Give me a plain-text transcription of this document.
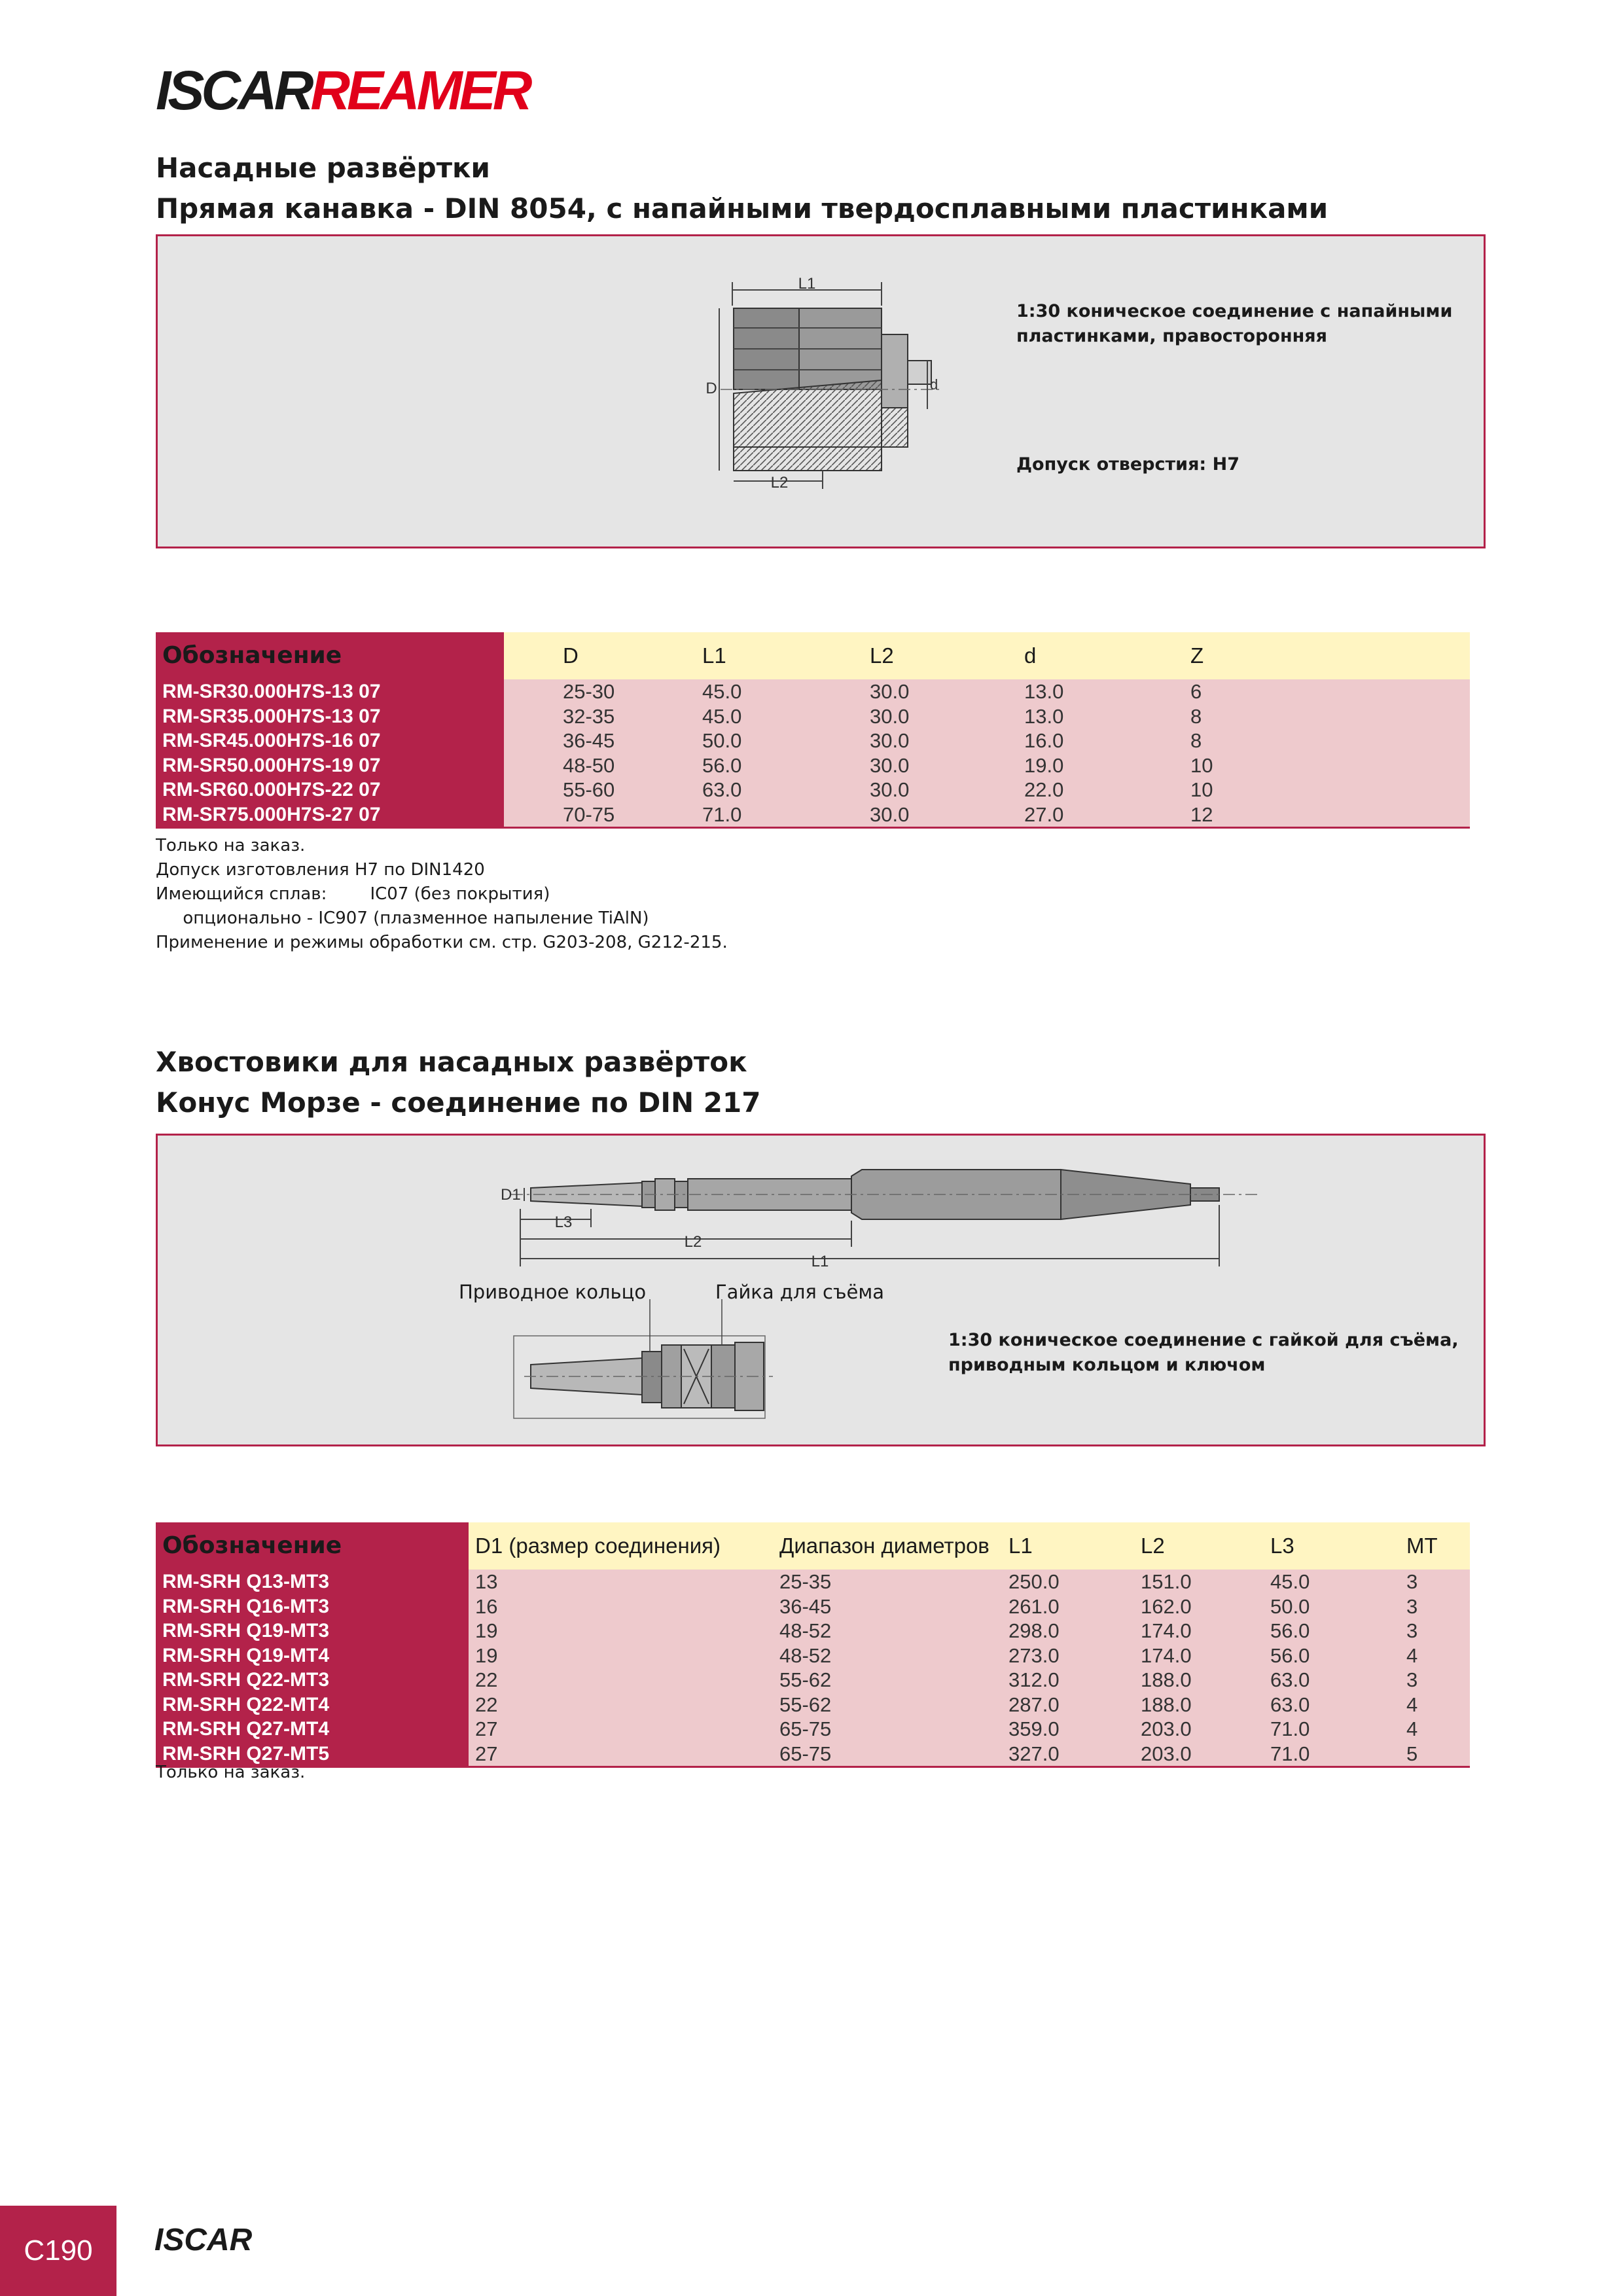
ISCARREAMER
Насадные развёртки
Прямая канавка - DIN 8054, с напайными твердосплавными пластинками
L1
D	d
L2
1:30 коническое соединение с напайными
пластинками, правосторонняя
Допуск отверстия: H7
Обозначение	D	L1	L2	d	Z
RM-SR30.000H7S-13 07	25-30	45.0	30.0	13.0	6
RM-SR35.000H7S-13 07	32-35	45.0	30.0	13.0	8
RM-SR45.000H7S-16 07	36-45	50.0	30.0	16.0	8
RM-SR50.000H7S-19 07	48-50	56.0	30.0	19.0	10
RM-SR60.000H7S-22 07	55-60	63.0	30.0	22.0	10
RM-SR75.000H7S-27 07	70-75	71.0	30.0	27.0	12
Только на заказ.
Допуск изготовления H7 по DIN1420
Имеющийся сплав:        IC07 (без покрытия)
опционально - IC907 (плазменное напыление TiAlN)
Применение и режимы обработки см. стр. G203-208, G212-215.
Хвостовики для насадных развёрток
Конус Морзе - соединение по DIN 217
D1
L3
L2
L1
Приводное кольцо	Гайка для съёма
1:30 коническое соединение с гайкой для съёма,
приводным кольцом и ключом
Обозначение	D1 (размер соединения)	Диапазон диаметров	L1	L2	L3	MT
RM-SRH Q13-MT3	13	25-35	250.0	151.0	45.0	3
RM-SRH Q16-MT3	16	36-45	261.0	162.0	50.0	3
RM-SRH Q19-MT3	19	48-52	298.0	174.0	56.0	3
RM-SRH Q19-MT4	19	48-52	273.0	174.0	56.0	4
RM-SRH Q22-MT3	22	55-62	312.0	188.0	63.0	3
RM-SRH Q22-MT4	22	55-62	287.0	188.0	63.0	4
RM-SRH Q27-MT4	27	65-75	359.0	203.0	71.0	4
RM-SRH Q27-MT5	27	65-75	327.0	203.0	71.0	5
Только на заказ.
C190	ISCAR
